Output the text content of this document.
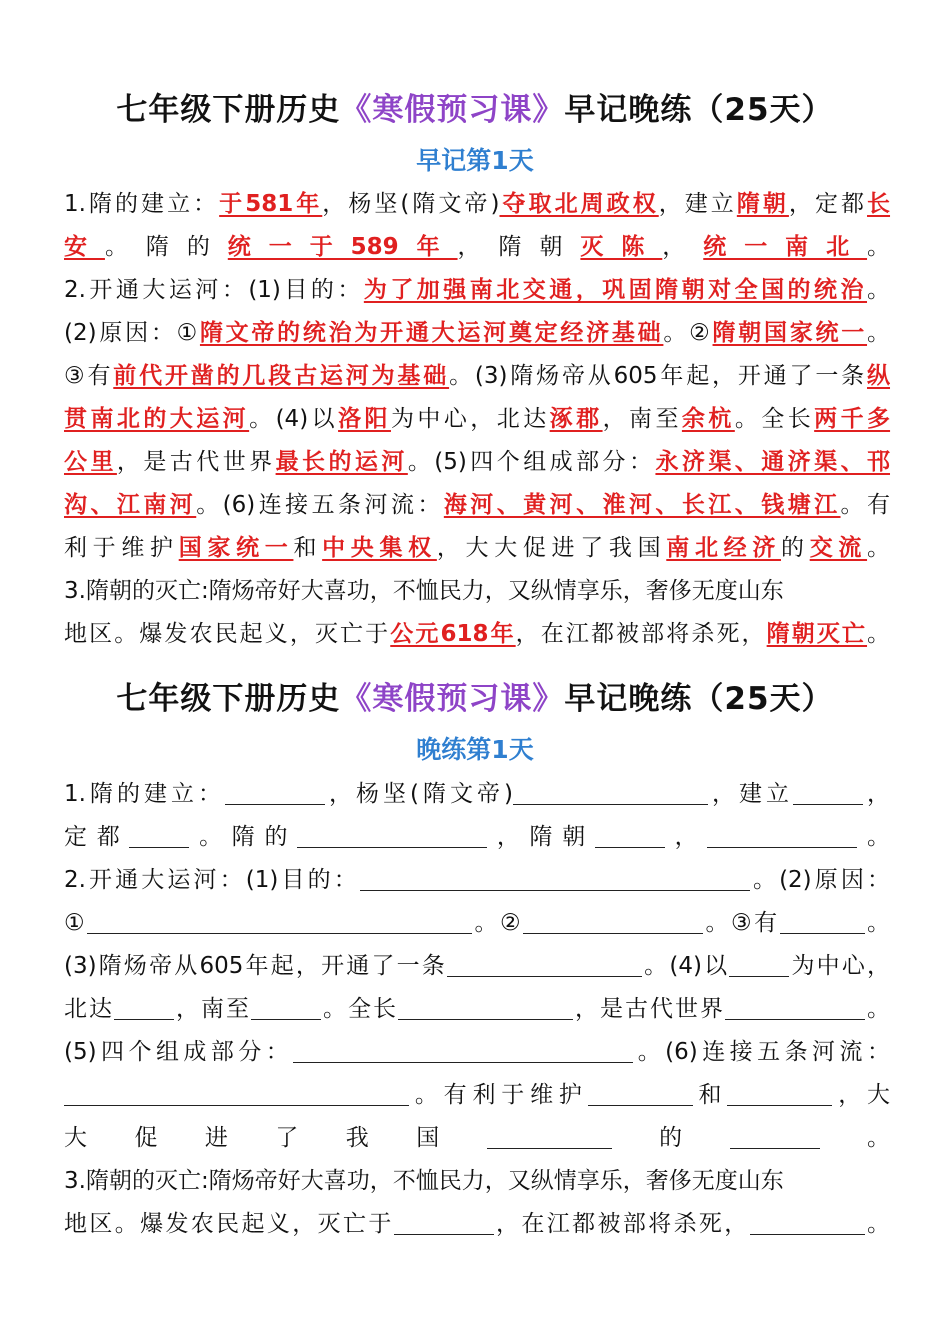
七年级下册历史《寒假预习课》早记晚练（25天）
早记第1天
1.隋的建立：于581年，杨坚(隋文帝)夺取北周政权，建立隋朝，定都长
安。隋的统一于589年，隋朝灭陈，统一南北。
2.开通大运河：(1)目的：为了加强南北交通，巩固隋朝对全国的统治。
(2)原因：①隋文帝的统治为开通大运河奠定经济基础。②隋朝国家统一。
③有前代开凿的几段古运河为基础。(3)隋炀帝从605年起，开通了一条纵
贯南北的大运河。(4)以洛阳为中心，北达涿郡，南至余杭。全长两千多
公里，是古代世界最长的运河。(5)四个组成部分：永济渠、通济渠、邗
沟、江南河。(6)连接五条河流：海河、黄河、淮河、长江、钱塘江。有
利于维护国家统一和中央集权，大大促进了我国南北经济的交流。
3.隋朝的灭亡:隋炀帝好大喜功，不恤民力，又纵情享乐，奢侈无度山东
地区。爆发农民起义，灭亡于公元618年，在江都被部将杀死，隋朝灭亡。
七年级下册历史《寒假预习课》早记晚练（25天）
晚练第1天
1.隋的建立：	，杨坚(隋文帝)	，建立	，
定都	。隋的	，隋朝	，	。
2.开通大运河：(1)目的：	。(2)原因：
①	。②	。③有	。
(3)隋炀帝从605年起，开通了一条	。(4)以	为中心，
北达	，南至	。全长	，是古代世界	。
(5)四个组成部分：	。(6)连接五条河流：
。有利于维护	和	，大
大促进了我国	的	。
3.隋朝的灭亡:隋炀帝好大喜功，不恤民力，又纵情享乐，奢侈无度山东
地区。爆发农民起义，灭亡于	，在江都被部将杀死，	。
